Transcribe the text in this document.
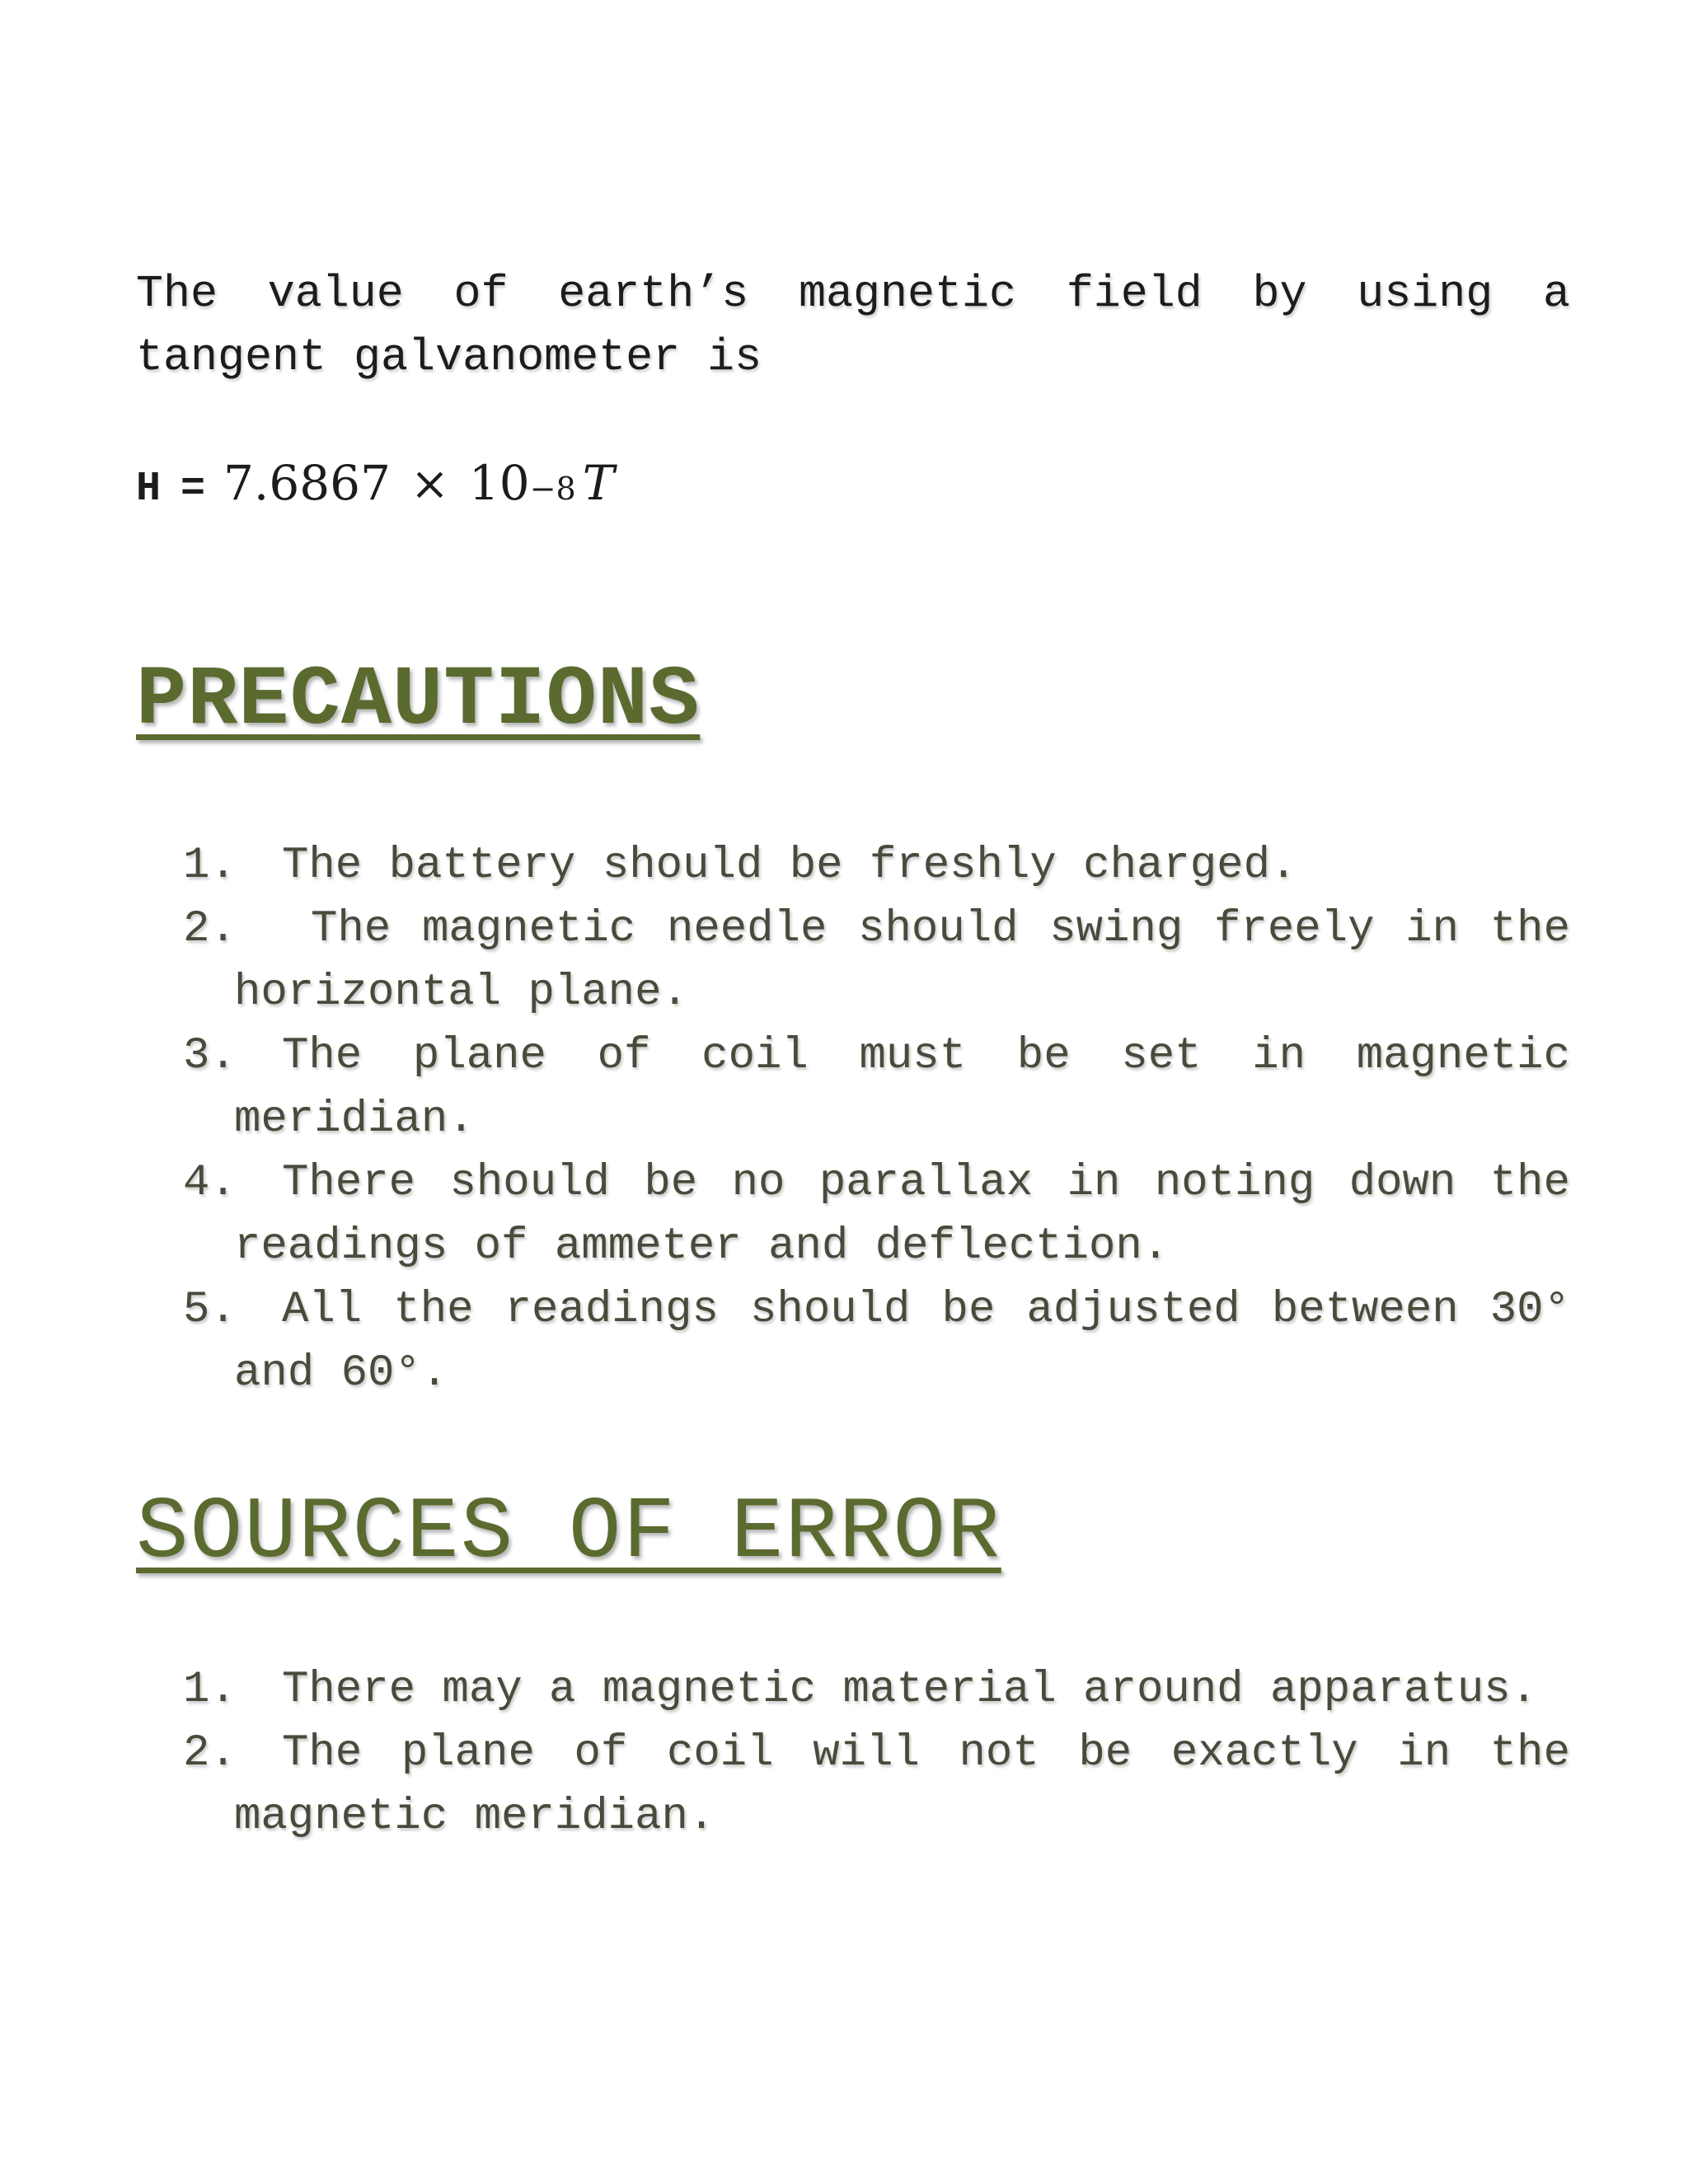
The value of earth’s magnetic field by using a tangent galvanometer is

H = 7.6867 × 10 −8 T
PRECAUTIONS
1. The battery should be freshly charged.
2. The magnetic needle should swing freely in the horizontal plane.
3. The plane of coil must be set in magnetic meridian.
4. There should be no parallax in noting down the readings of ammeter and deflection.
5. All the readings should be adjusted between 30° and 60°.
SOURCES OF ERROR
1. There may a magnetic material around apparatus.
2. The plane of coil will not be exactly in the magnetic meridian.
